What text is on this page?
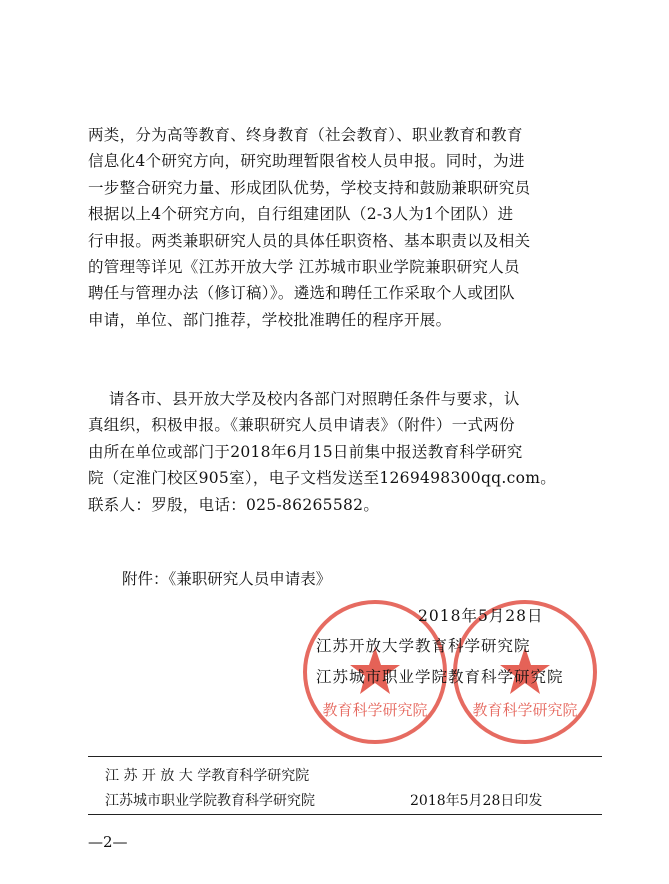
两类，分为高等教育、终身教育（社会教育）、职业教育和教育
信息化4个研究方向，研究助理暂限省校人员申报。同时，为进
一步整合研究力量、形成团队优势，学校支持和鼓励兼职研究员
根据以上4个研究方向，自行组建团队（2-3人为1个团队）进
行申报。两类兼职研究人员的具体任职资格、基本职责以及相关
的管理等详见《江苏开放大学 江苏城市职业学院兼职研究人员
聘任与管理办法（修订稿）》。遴选和聘任工作采取个人或团队
申请，单位、部门推荐，学校批准聘任的程序开展。
请各市、县开放大学及校内各部门对照聘任条件与要求，认
真组织，积极申报。《兼职研究人员申请表》（附件）一式两份
由所在单位或部门于2018年6月15日前集中报送教育科学研究
院（定淮门校区905室），电子文档发送至1269498300qq.com。
联系人：罗殷，电话：025-86265582。
附件：《兼职研究人员申请表》
教育科学研究院	教育科学研究院
2018年5月28日
江苏开放大学教育科学研究院
江苏城市职业学院教育科学研究院
江 苏 开 放 大 学教育科学研究院
江苏城市职业学院教育科学研究院	2018年5月28日印发
—2—
